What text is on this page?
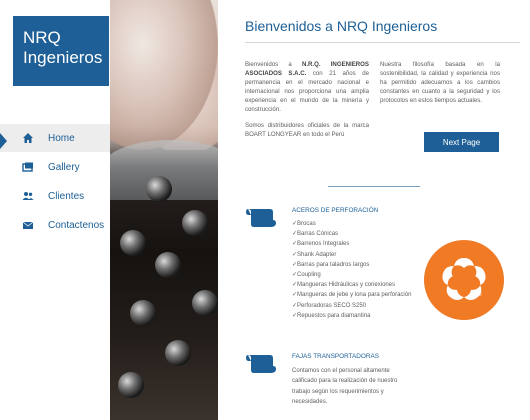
NRQ
Ingenieros
Home
Gallery
Clientes
Contactenos
Bienvenidos a NRQ Ingenieros

Bienvenidos a N.R.Q. INGENIEROS ASOCIADOS S.A.C. con 21 años de permanencia en el mercado nacional e internacional nos proporciona una amplia experiencia en el mundo de la minería y construcción.

Somos distribuidores oficiales de la marca BOART LONGYEAR en todo el Perú

Nuestra filosofía basada en la sostenibilidad, la calidad y experiencia nos ha permitido adecuamos a los cambios constantes en cuanto a la seguridad y los protocolos en estos tiempos actuales.
Next Page
ACEROS DE PERFORACIÓN
✓Brocas
✓Barras Cónicas
✓Barrenos Integrales
✓Shank Adapter
✓Barras para taladros largos
✓Coupling
✓Mangueras Hidráulicas y conexiones
✓Mangueras de jebe y lona para perforación
✓Perforadoras SECO S250
✓Repuestos para diamantina
FAJAS TRANSPORTADORAS
Contamos con el personal altamente calificado para la realización de nuestro trabajo según los requerimientos y necesidades.
®
